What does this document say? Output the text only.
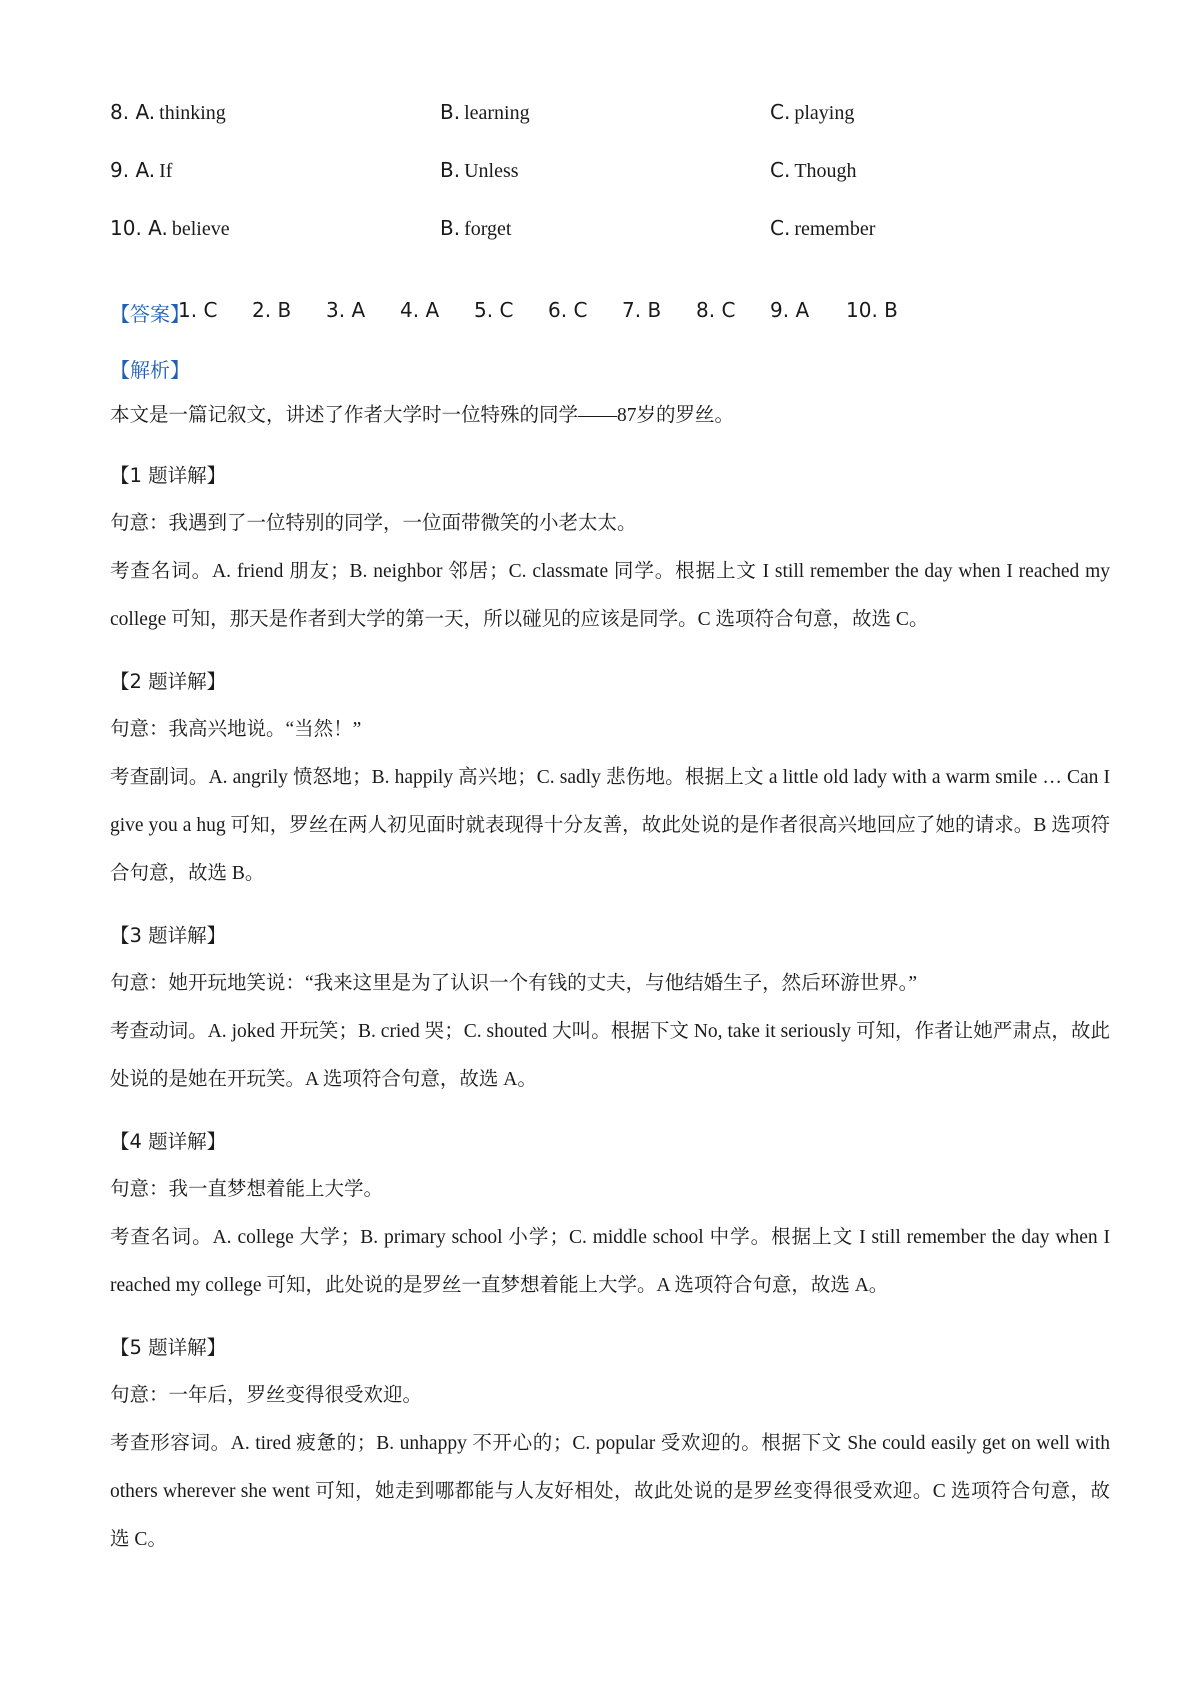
8. A. thinking	B. learning	C. playing
9. A. If	B. Unless	C. Though
10. A. believe	B. forget	C. remember
【答案】
1. C 2. B 3. A 4. A 5. C 6. C 7. B 8. C 9. A 10. B
【解析】
本文是一篇记叙文，讲述了作者大学时一位特殊的同学——87岁的罗丝。
【1 题详解】
句意：我遇到了一位特别的同学，一位面带微笑的小老太太。
考查名词。A. friend 朋友；B. neighbor 邻居；C. classmate 同学。根据上文 I still remember the day when I reached my college 可知，那天是作者到大学的第一天，所以碰见的应该是同学。C 选项符合句意，故选 C。
【2 题详解】
句意：我高兴地说。“当然！”
考查副词。A. angrily 愤怒地；B. happily 高兴地；C. sadly 悲伤地。根据上文 a little old lady with a warm smile … Can I give you a hug 可知，罗丝在两人初见面时就表现得十分友善，故此处说的是作者很高兴地回应了她的请求。B 选项符合句意，故选 B。
【3 题详解】
句意：她开玩地笑说：“我来这里是为了认识一个有钱的丈夫，与他结婚生子，然后环游世界。”
考查动词。A. joked 开玩笑；B. cried 哭；C. shouted 大叫。根据下文 No, take it seriously 可知，作者让她严肃点，故此处说的是她在开玩笑。A 选项符合句意，故选 A。
【4 题详解】
句意：我一直梦想着能上大学。
考查名词。A. college 大学；B. primary school 小学；C. middle school 中学。根据上文 I still remember the day when I reached my college 可知，此处说的是罗丝一直梦想着能上大学。A 选项符合句意，故选 A。
【5 题详解】
句意：一年后，罗丝变得很受欢迎。
考查形容词。A. tired 疲惫的；B. unhappy 不开心的；C. popular 受欢迎的。根据下文 She could easily get on well with others wherever she went 可知，她走到哪都能与人友好相处，故此处说的是罗丝变得很受欢迎。C 选项符合句意，故选 C。
